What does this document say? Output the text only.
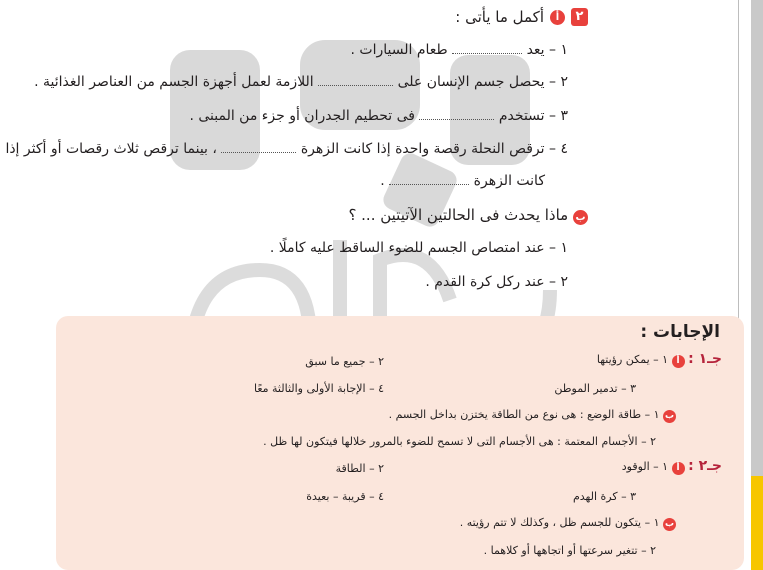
٢
أ
أكمل ما يأتى :
١ – يعد  طعام السيارات .
٢ – يحصل جسم الإنسان على  اللازمة لعمل أجهزة الجسم من العناصر الغذائية .
٣ – تستخدم  فى تحطيم الجدران أو جزء من المبنى .
٤ – ترقص النحلة رقصة واحدة إذا كانت الزهرة  ، بينما ترقص ثلاث رقصات أو أكثر إذا
كانت الزهرة  .
ب ماذا يحدث فى الحالتين الآتيتين ... ؟
١ – عند امتصاص الجسم للضوء الساقط عليه كاملًا .
٢ – عند ركل كرة القدم .
الإجابات :
جـ١ : أ ١ – يمكن رؤيتها
٢ – جميع ما سبق
٣ – تدمير الموطن
٤ – الإجابة الأولى والثالثة معًا
ب ١ – طاقة الوضع : هى نوع من الطاقة يختزن بداخل الجسم .
٢ – الأجسام المعتمة : هى الأجسام التى لا تسمح للضوء بالمرور خلالها فيتكون لها ظل .
جـ٢ : أ ١ – الوقود
٢ – الطاقة
٣ – كرة الهدم
٤ – قريبة – بعيدة
ب ١ – يتكون للجسم ظل ، وكذلك لا تتم رؤيته .
٢ – تتغير سرعتها أو اتجاهها أو كلاهما .
